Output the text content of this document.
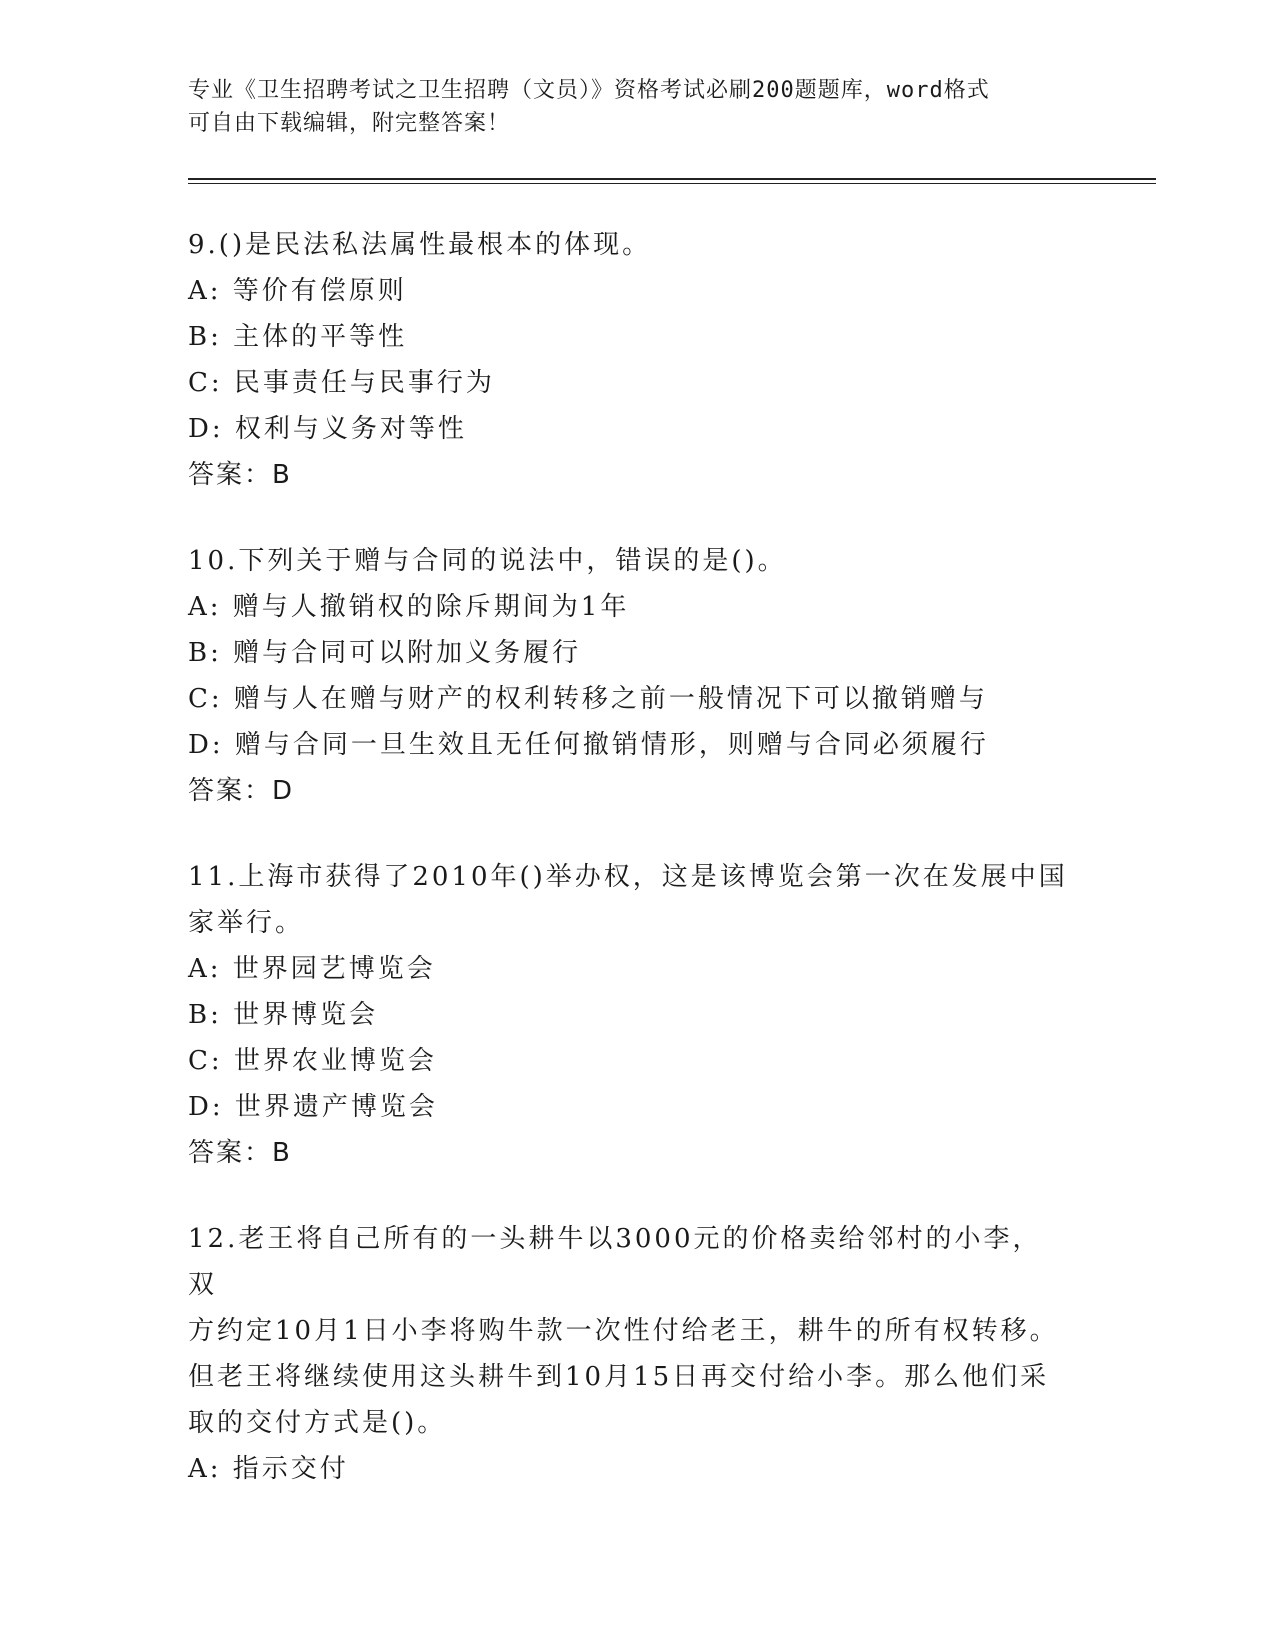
专业《卫生招聘考试之卫生招聘（文员）》资格考试必刷200题题库，word格式
可自由下载编辑，附完整答案！

9.()是民法私法属性最根本的体现。

A: 等价有偿原则

B: 主体的平等性

C: 民事责任与民事行为

D: 权利与义务对等性

答案：B

10.下列关于赠与合同的说法中，错误的是()。

A: 赠与人撤销权的除斥期间为1年

B: 赠与合同可以附加义务履行

C: 赠与人在赠与财产的权利转移之前一般情况下可以撤销赠与

D: 赠与合同一旦生效且无任何撤销情形，则赠与合同必须履行

答案：D

11.上海市获得了2010年()举办权，这是该博览会第一次在发展中国

家举行。

A: 世界园艺博览会

B: 世界博览会

C: 世界农业博览会

D: 世界遗产博览会

答案：B

12.老王将自己所有的一头耕牛以3000元的价格卖给邻村的小李，双

方约定10月1日小李将购牛款一次性付给老王，耕牛的所有权转移。

但老王将继续使用这头耕牛到10月15日再交付给小李。那么他们采

取的交付方式是()。

A: 指示交付
